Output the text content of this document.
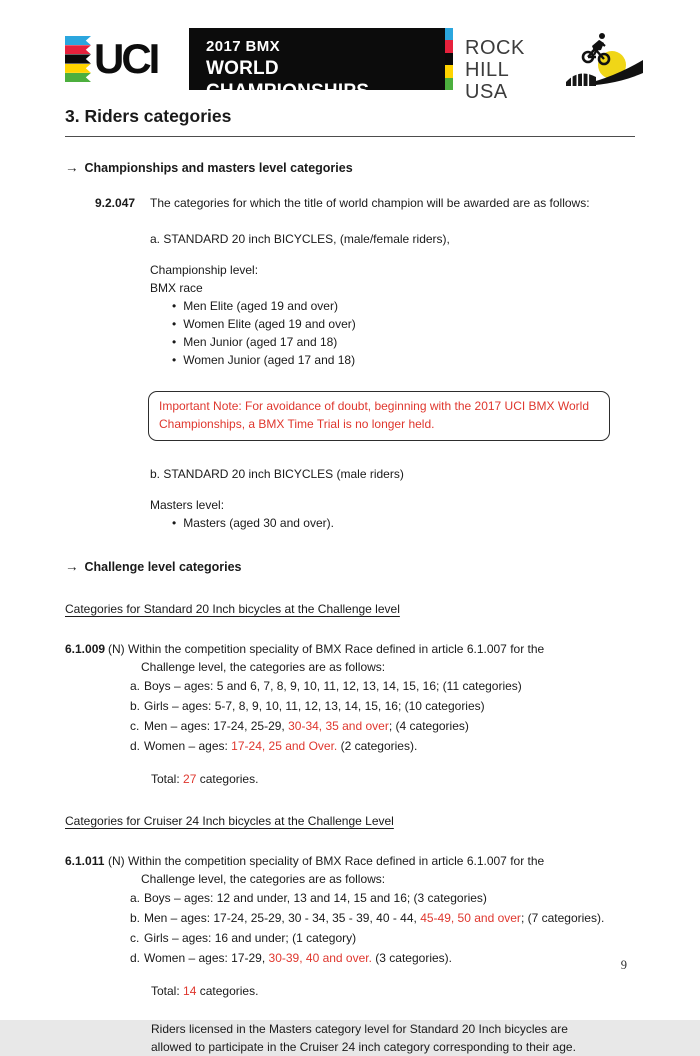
UCI	2017 BMX
WORLD CHAMPIONSHIPS
ROCK HILL
USA
3. Riders categories
→ Championships and masters level categories
9.2.047	The categories for which the title of world champion will be awarded are as follows:
a. STANDARD 20 inch BICYCLES, (male/female riders),
Championship level:
BMX race
• Men Elite (aged 19 and over)
• Women Elite (aged 19 and over)
• Men Junior (aged 17 and 18)
• Women Junior (aged 17 and 18)
Important Note: For avoidance of doubt, beginning with the 2017 UCI BMX World
Championships, a BMX Time Trial is no longer held.
b. STANDARD 20 inch BICYCLES (male riders)
Masters level:
• Masters (aged 30 and over).
→ Challenge level categories
Categories for Standard 20 Inch bicycles at the Challenge level
6.1.009 (N) Within the competition speciality of BMX Race defined in article 6.1.007 for the
Challenge level, the categories are as follows:
a. Boys – ages: 5 and 6, 7, 8, 9, 10, 11, 12, 13, 14, 15, 16; (11 categories)
b. Girls – ages: 5-7, 8, 9, 10, 11, 12, 13, 14, 15, 16; (10 categories)
c. Men – ages: 17-24, 25-29, 30-34, 35 and over; (4 categories)
d. Women – ages: 17-24, 25 and Over. (2 categories).
Total: 27 categories.
Categories for Cruiser 24 Inch bicycles at the Challenge Level
6.1.011 (N) Within the competition speciality of BMX Race defined in article 6.1.007 for the
Challenge level, the categories are as follows:
a. Boys – ages: 12 and under, 13 and 14, 15 and 16; (3 categories)
b. Men – ages: 17-24, 25-29, 30 - 34, 35 - 39, 40 - 44, 45-49, 50 and over; (7 categories).
c. Girls – ages: 16 and under; (1 category)
d. Women – ages: 17-29, 30-39, 40 and over. (3 categories).
Total: 14 categories.
Riders licensed in the Masters category level for Standard 20 Inch bicycles are
allowed to participate in the Cruiser 24 inch category corresponding to their age.
9
